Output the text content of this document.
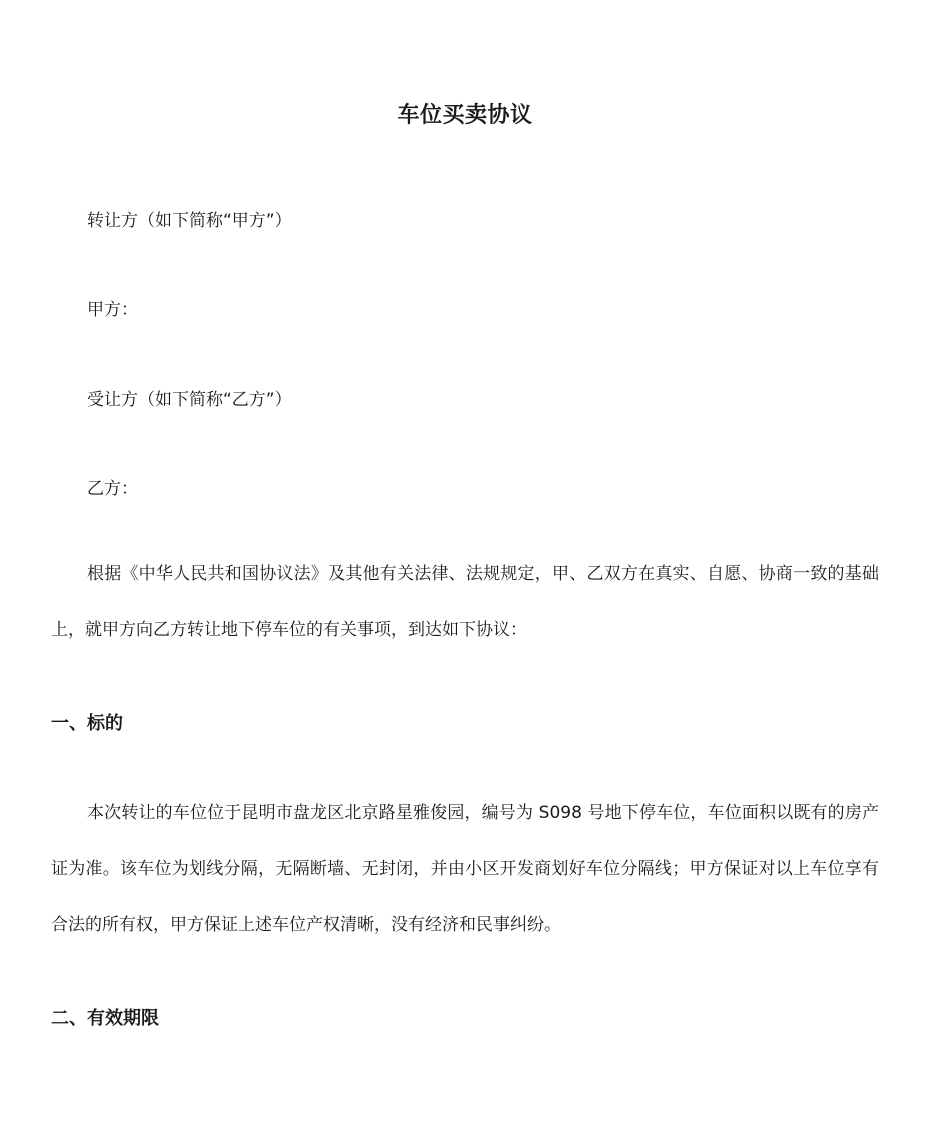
车位买卖协议
转让方（如下简称“甲方”）
甲方：
受让方（如下简称“乙方”）
乙方：
根据《中华人民共和国协议法》及其他有关法律、法规规定，甲、乙双方在真实、自愿、协商一致的基础上，就甲方向乙方转让地下停车位的有关事项，到达如下协议：
一、标的
本次转让的车位位于昆明市盘龙区北京路星雅俊园，编号为 S098 号地下停车位，车位面积以既有的房产证为准。该车位为划线分隔，无隔断墙、无封闭，并由小区开发商划好车位分隔线；甲方保证对以上车位享有合法的所有权，甲方保证上述车位产权清晰，没有经济和民事纠纷。
二、有效期限
